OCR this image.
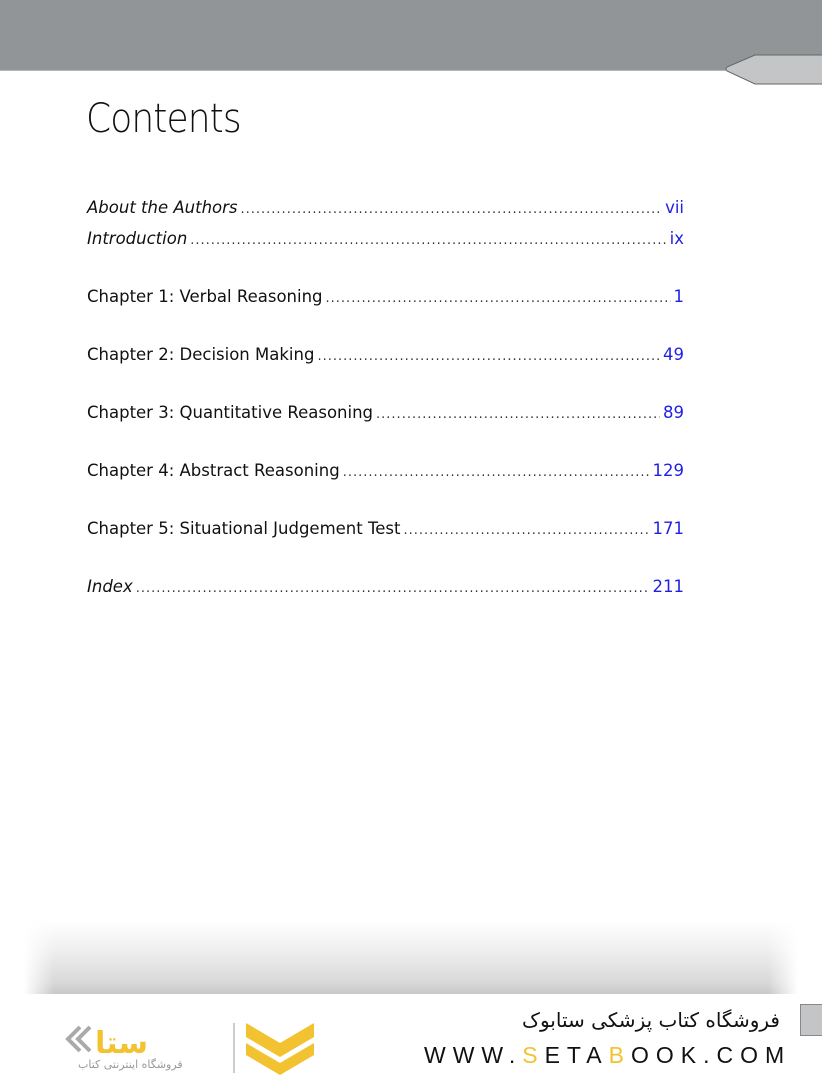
Contents
About the Authors .....	vii
Introduction .....	ix
Chapter 1: Verbal Reasoning .....	1
Chapter 2: Decision Making .....	49
Chapter 3: Quantitative Reasoning .....	89
Chapter 4: Abstract Reasoning .....	129
Chapter 5: Situational Judgement Test .....	171
Index .....	211
ﺳﺘﺎ
فروشگاه اینترنتی کتاب
فروشگاه کتاب پزشکی ستابوک
WWW.SETABOOK.COM
